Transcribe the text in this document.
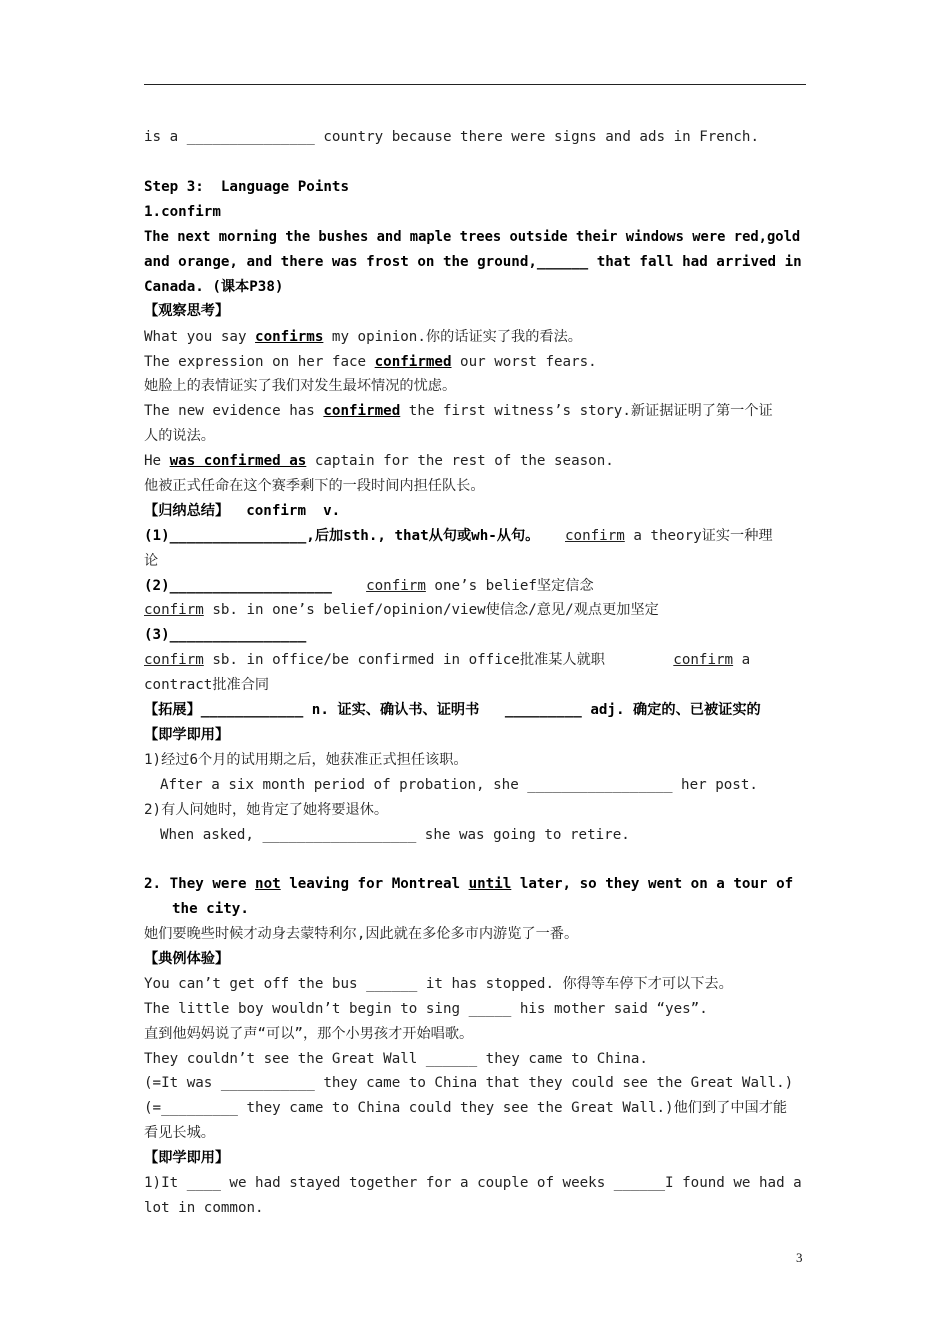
is a _______________ country because there were signs and ads in French.
Step 3:  Language Points
1.confirm
The next morning the bushes and maple trees outside their windows were red,gold
and orange, and there was frost on the ground,______ that fall had arrived in
Canada. (课本P38)
【观察思考】
What you say confirms my opinion.你的话证实了我的看法。
The expression on her face confirmed our worst fears.
她脸上的表情证实了我们对发生最坏情况的忧虑。
The new evidence has confirmed the first witness’s story.新证据证明了第一个证
人的说法。
He was confirmed as captain for the rest of the season.
他被正式任命在这个赛季剩下的一段时间内担任队长。
【归纳总结】  confirm  v.
(1)________________,后加sth., that从句或wh-从句。   confirm a theory证实一种理
论
(2)___________________    confirm one’s belief坚定信念
confirm sb. in one’s belief/opinion/view使信念/意见/观点更加坚定
(3)________________
confirm sb. in office/be confirmed in office批准某人就职        confirm a
contract批准合同
【拓展】____________ n. 证实、确认书、证明书   _________ adj. 确定的、已被证实的
【即学即用】
1)经过6个月的试用期之后，她获准正式担任该职。
After a six month period of probation, she _________________ her post.
2)有人问她时，她肯定了她将要退休。
When asked, __________________ she was going to retire.
2. They were not leaving for Montreal until later, so they went on a tour of
the city.
她们要晚些时候才动身去蒙特利尔,因此就在多伦多市内游览了一番。
【典例体验】
You can’t get off the bus ______ it has stopped. 你得等车停下才可以下去。
The little boy wouldn’t begin to sing _____ his mother said “yes”.
直到他妈妈说了声“可以”，那个小男孩才开始唱歌。
They couldn’t see the Great Wall ______ they came to China.
(=It was ___________ they came to China that they could see the Great Wall.)
(=_________ they came to China could they see the Great Wall.)他们到了中国才能
看见长城。
【即学即用】
1)It ____ we had stayed together for a couple of weeks ______I found we had a
lot in common.
3
